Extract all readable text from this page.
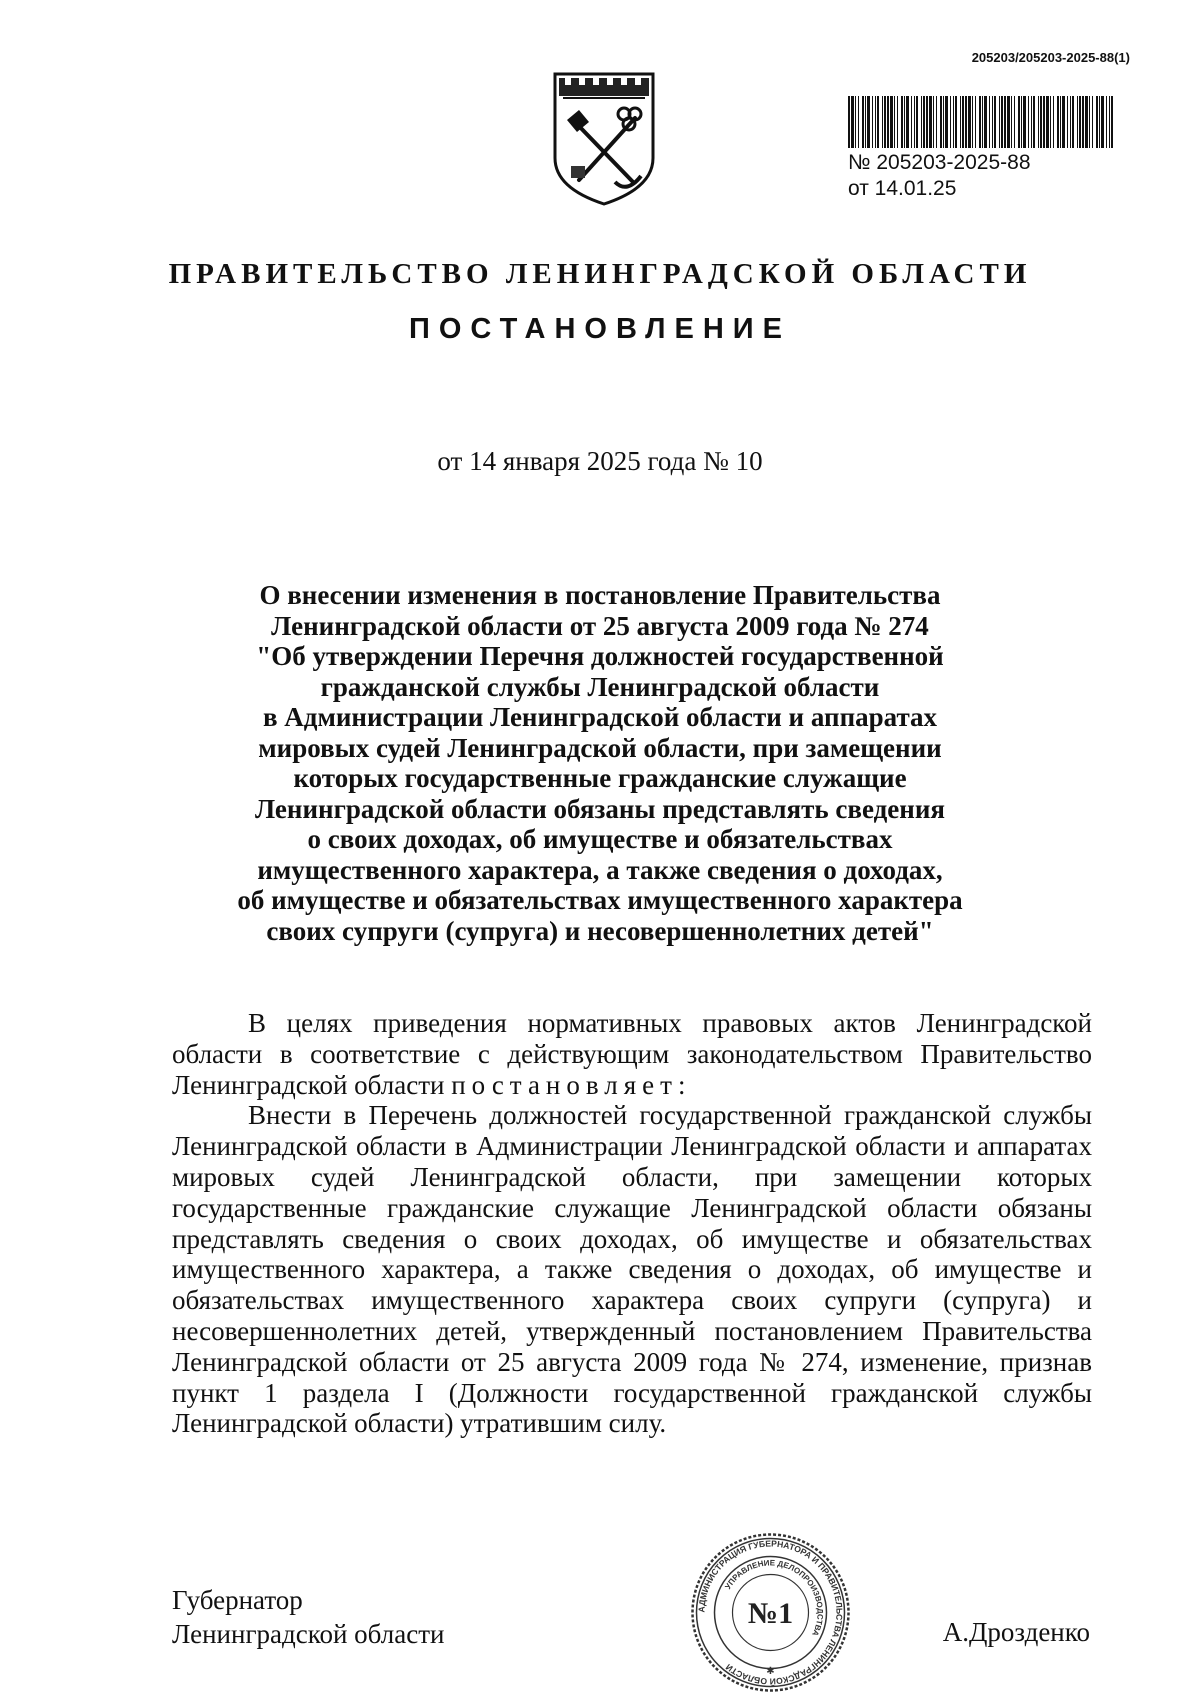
205203/205203-2025-88(1)
№ 205203-2025-88
от 14.01.25
ПРАВИТЕЛЬСТВО ЛЕНИНГРАДСКОЙ ОБЛАСТИ
ПОСТАНОВЛЕНИЕ
от 14 января 2025 года № 10
О внесении изменения в постановление Правительства
Ленинградской области от 25 августа 2009 года № 274
"Об утверждении Перечня должностей государственной
гражданской службы Ленинградской области
в Администрации Ленинградской области и аппаратах
мировых судей Ленинградской области, при замещении
которых государственные гражданские служащие
Ленинградской области обязаны представлять сведения
о своих доходах, об имуществе и обязательствах
имущественного характера, а также сведения о доходах,
об имуществе и обязательствах имущественного характера
своих супруги (супруга) и несовершеннолетних детей"

В целях приведения нормативных правовых актов Ленинградской области в соответствие с действующим законодательством Правительство Ленинградской области постановляет:

Внести в Перечень должностей государственной гражданской службы Ленинградской области в Администрации Ленинградской области и аппаратах мировых судей Ленинградской области, при замещении которых государственные гражданские служащие Ленинградской области обязаны представлять сведения о своих доходах, об имуществе и обязательствах имущественного характера, а также сведения о доходах, об имуществе и обязательствах имущественного характера своих супруги (супруга) и несовершеннолетних детей, утвержденный постановлением Правительства Ленинградской области от 25 августа 2009 года № 274, изменение, признав пункт 1 раздела I (Должности государственной гражданской службы Ленинградской области) утратившим силу.

Губернатор
Ленинградской области
АДМИНИСТРАЦИЯ ГУБЕРНАТОРА И ПРАВИТЕЛЬСТВА ЛЕНИНГРАДСКОЙ ОБЛАСТИ
УПРАВЛЕНИЕ ДЕЛОПРОИЗВОДСТВА
№1
✱
А.Дрозденко
